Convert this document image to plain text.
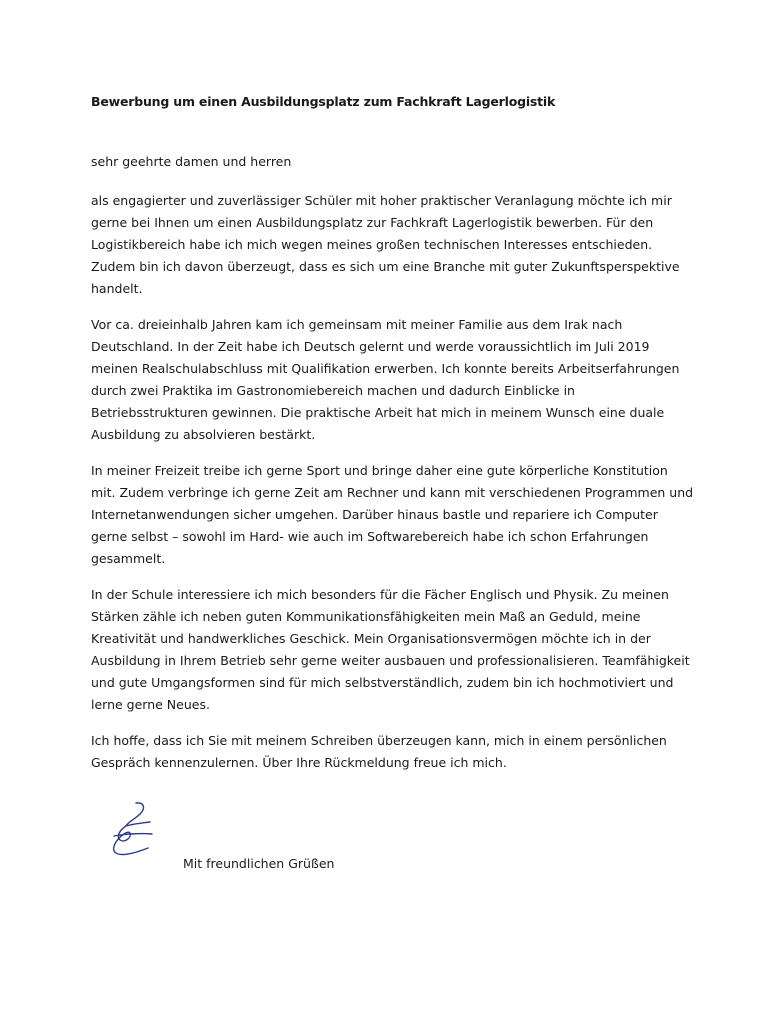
Bewerbung um einen Ausbildungsplatz zum Fachkraft Lagerlogistik
sehr geehrte damen und herren
als engagierter und zuverlässiger Schüler mit hoher praktischer Veranlagung möchte ich mir
gerne bei Ihnen um einen Ausbildungsplatz zur Fachkraft Lagerlogistik bewerben. Für den
Logistikbereich habe ich mich wegen meines großen technischen Interesses entschieden.
Zudem bin ich davon überzeugt, dass es sich um eine Branche mit guter Zukunftsperspektive
handelt.
Vor ca. dreieinhalb Jahren kam ich gemeinsam mit meiner Familie aus dem Irak nach
Deutschland. In der Zeit habe ich Deutsch gelernt und werde voraussichtlich im Juli 2019
meinen Realschulabschluss mit Qualifikation erwerben. Ich konnte bereits Arbeitserfahrungen
durch zwei Praktika im Gastronomiebereich machen und dadurch Einblicke in
Betriebsstrukturen gewinnen. Die praktische Arbeit hat mich in meinem Wunsch eine duale
Ausbildung zu absolvieren bestärkt.
In meiner Freizeit treibe ich gerne Sport und bringe daher eine gute körperliche Konstitution
mit. Zudem verbringe ich gerne Zeit am Rechner und kann mit verschiedenen Programmen und
Internetanwendungen sicher umgehen. Darüber hinaus bastle und repariere ich Computer
gerne selbst – sowohl im Hard- wie auch im Softwarebereich habe ich schon Erfahrungen
gesammelt.
In der Schule interessiere ich mich besonders für die Fächer Englisch und Physik. Zu meinen
Stärken zähle ich neben guten Kommunikationsfähigkeiten mein Maß an Geduld, meine
Kreativität und handwerkliches Geschick. Mein Organisationsvermögen möchte ich in der
Ausbildung in Ihrem Betrieb sehr gerne weiter ausbauen und professionalisieren. Teamfähigkeit
und gute Umgangsformen sind für mich selbstverständlich, zudem bin ich hochmotiviert und
lerne gerne Neues.
Ich hoffe, dass ich Sie mit meinem Schreiben überzeugen kann, mich in einem persönlichen
Gespräch kennenzulernen. Über Ihre Rückmeldung freue ich mich.
Mit freundlichen Grüßen
